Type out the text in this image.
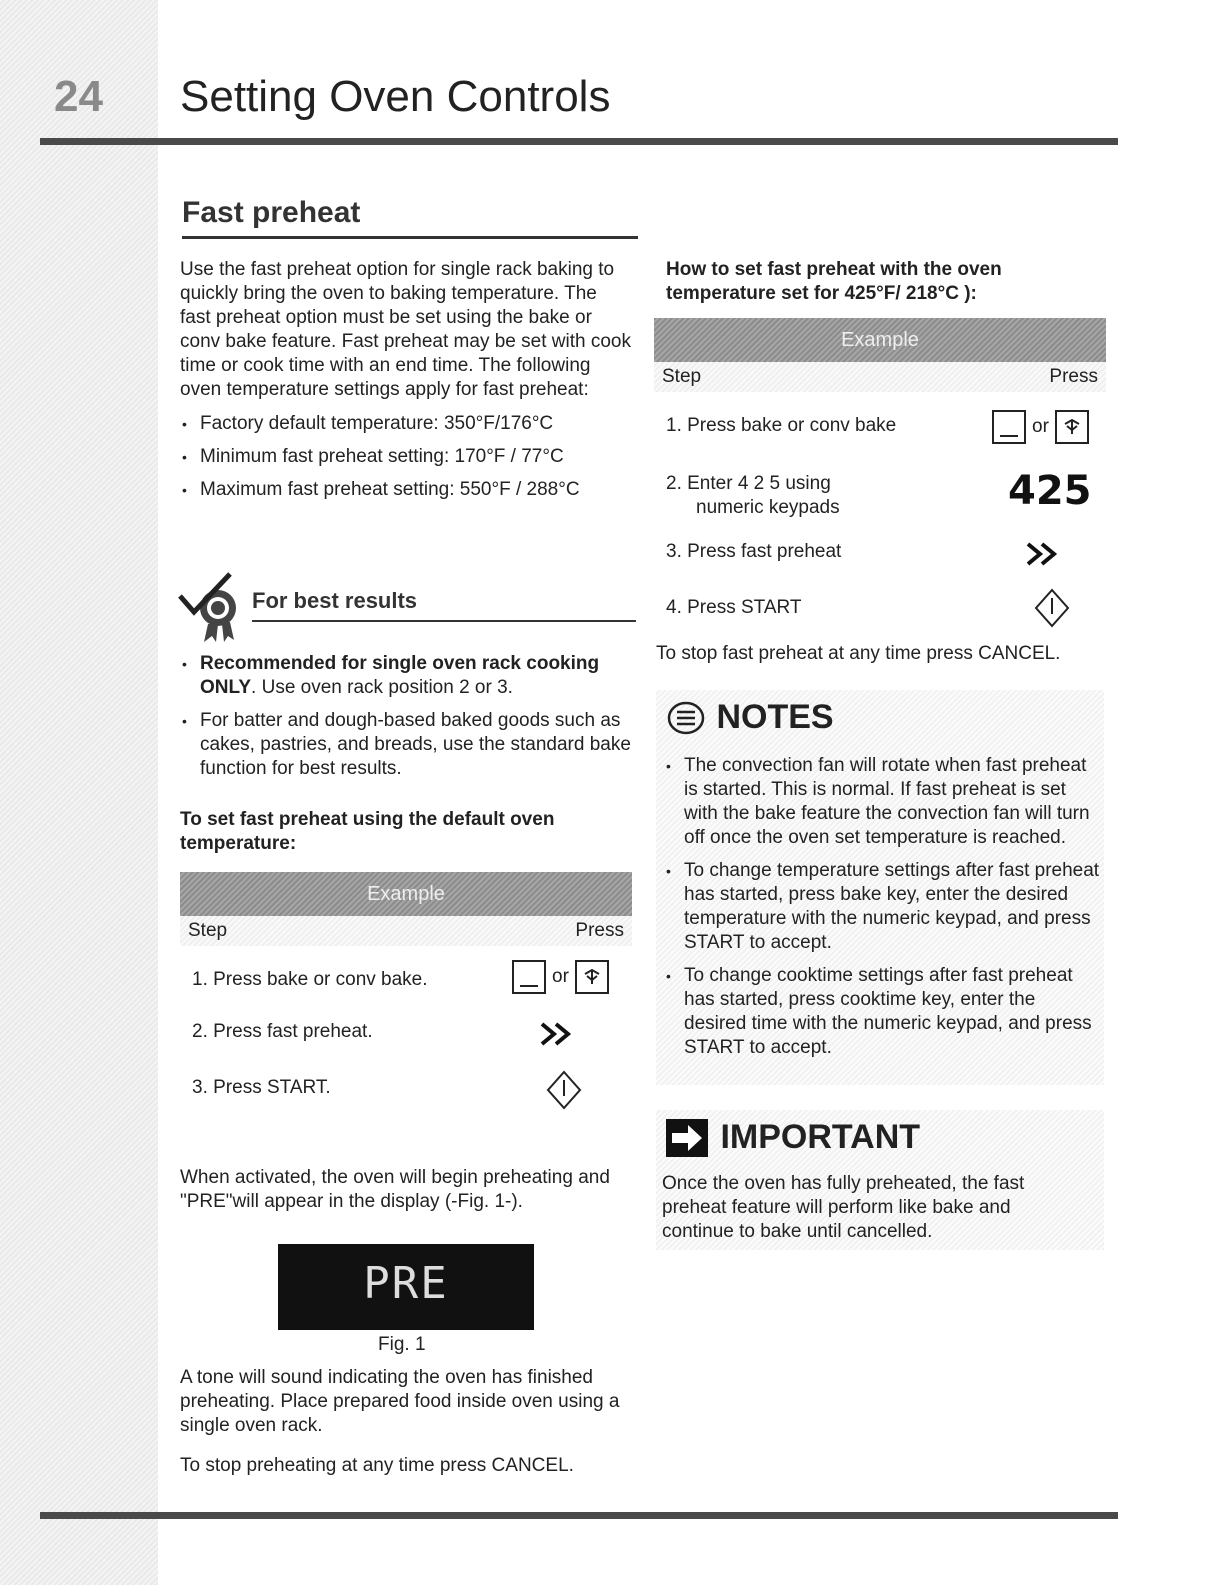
24 Setting Oven Controls
Fast preheat

Use the fast preheat option for single rack baking to quickly bring the oven to baking temperature. The fast preheat option must be set using the bake or conv bake feature. Fast preheat may be set with cook time or cook time with an end time. The following oven temperature settings apply for fast preheat:

• Factory default temperature: 350°F/176°C
• Minimum fast preheat setting: 170°F / 77°C
• Maximum fast preheat setting: 550°F / 288°C
For best results
• Recommended for single oven rack cooking ONLY. Use oven rack position 2 or 3.
• For batter and dough-based baked goods such as cakes, pastries, and breads, use the standard bake function for best results.
To set fast preheat using the default oven temperature:
Example
Step	Press
1. Press bake or conv bake.	or
2. Press fast preheat.
3. Press START.
When activated, the oven will begin preheating and "PRE"will appear in the display (-Fig. 1-).
PRE
Fig. 1
A tone will sound indicating the oven has finished preheating. Place prepared food inside oven using a single oven rack.
To stop preheating at any time press CANCEL.
How to set fast preheat with the oven temperature set for 425°F/ 218°C ):
Example
Step	Press
1. Press bake or conv bake	or
2. Enter 4 2 5 using
numeric keypads	425
3. Press fast preheat
4. Press START
To stop fast preheat at any time press CANCEL.
NOTES
• The convection fan will rotate when fast preheat is started. This is normal. If fast preheat is set with the bake feature the convection fan will turn off once the oven set temperature is reached.
• To change temperature settings after fast preheat has started, press bake key, enter the desired temperature with the numeric keypad, and press START to accept.
• To change cooktime settings after fast preheat has started, press cooktime key, enter the desired time with the numeric keypad, and press START to accept.
IMPORTANT
Once the oven has fully preheated, the fast preheat feature will perform like bake and continue to bake until cancelled.
